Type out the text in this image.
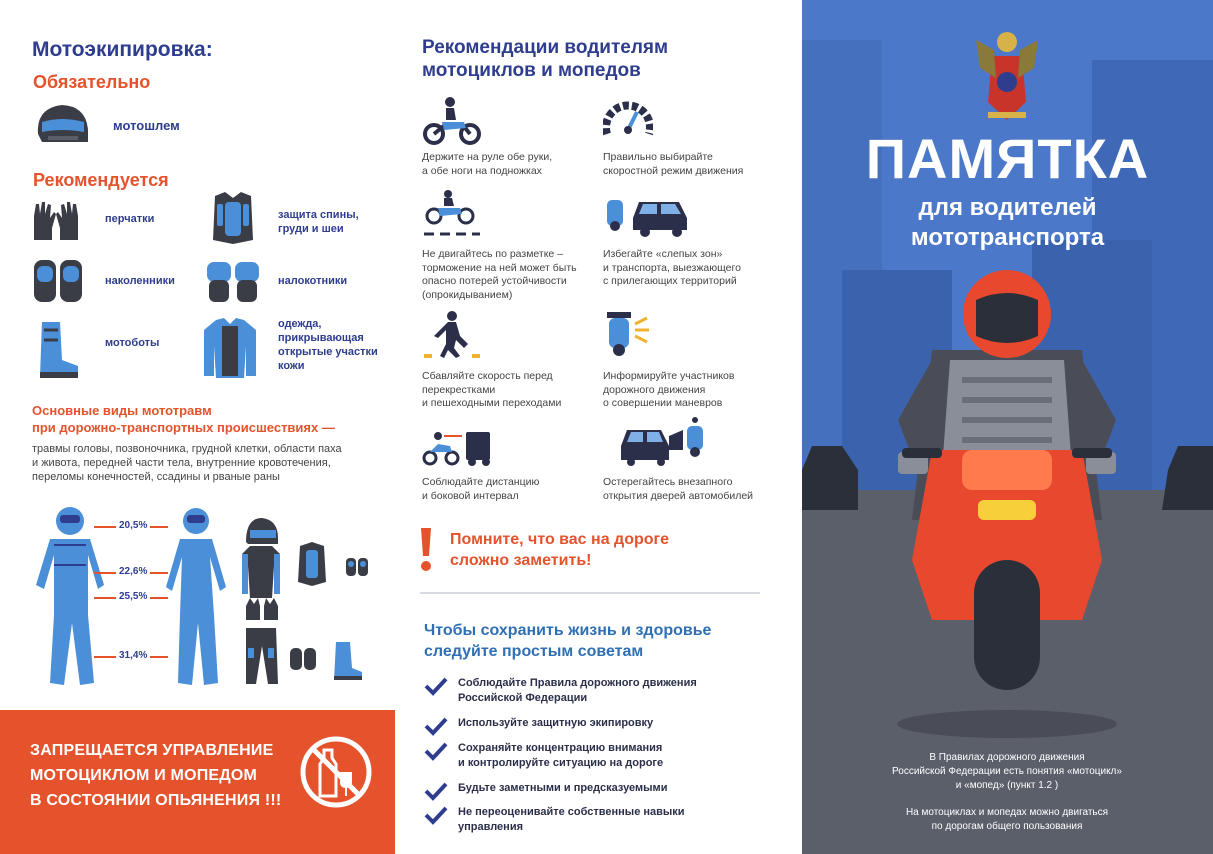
Мотоэкипировка:
Обязательно
мотошлем
Рекомендуется
перчатки	защита спины,
груди и шеи
наколенники	налокотники
мотоботы
одежда,
прикрывающая
открытые участки
кожи
Основные виды мототравм
при дорожно-транспортных происшествиях —
травмы головы, позвоночника, грудной клетки, области паха
и живота, передней части тела, внутренние кровотечения,
переломы конечностей, ссадины и рваные раны
20,5%
22,6%
25,5%
31,4%
ЗАПРЕЩАЕТСЯ УПРАВЛЕНИЕ
МОТОЦИКЛОМ И МОПЕДОМ
В СОСТОЯНИИ ОПЬЯНЕНИЯ !!!
Рекомендации водителям
мотоциклов и мопедов
Держите на руле обе руки,
а обе ноги на подножках
Правильно выбирайте
скоростной режим движения
Не двигайтесь по разметке –
торможение на ней может быть
опасно потерей устойчивости
(опрокидыванием)
Избегайте «слепых зон»
и транспорта, выезжающего
с прилегающих территорий
Сбавляйте скорость перед
перекрестками
и пешеходными переходами
Информируйте участников
дорожного движения
о совершении маневров
Соблюдайте дистанцию
и боковой интервал
Остерегайтесь внезапного
открытия дверей автомобилей
Помните, что вас на дороге
сложно заметить!
Чтобы сохранить жизнь и здоровье
следуйте простым советам
Соблюдайте Правила дорожного движения
Российской Федерации
Используйте защитную экипировку
Сохраняйте концентрацию внимания
и контролируйте ситуацию на дороге
Будьте заметными и предсказуемыми
Не переоценивайте собственные навыки
управления
ПАМЯТКА
для водителей
мототранспорта
В Правилах дорожного движения
Российской Федерации есть понятия «мотоцикл»
и «мопед» (пункт 1.2 )
На мотоциклах и мопедах можно двигаться
по дорогам общего пользования
